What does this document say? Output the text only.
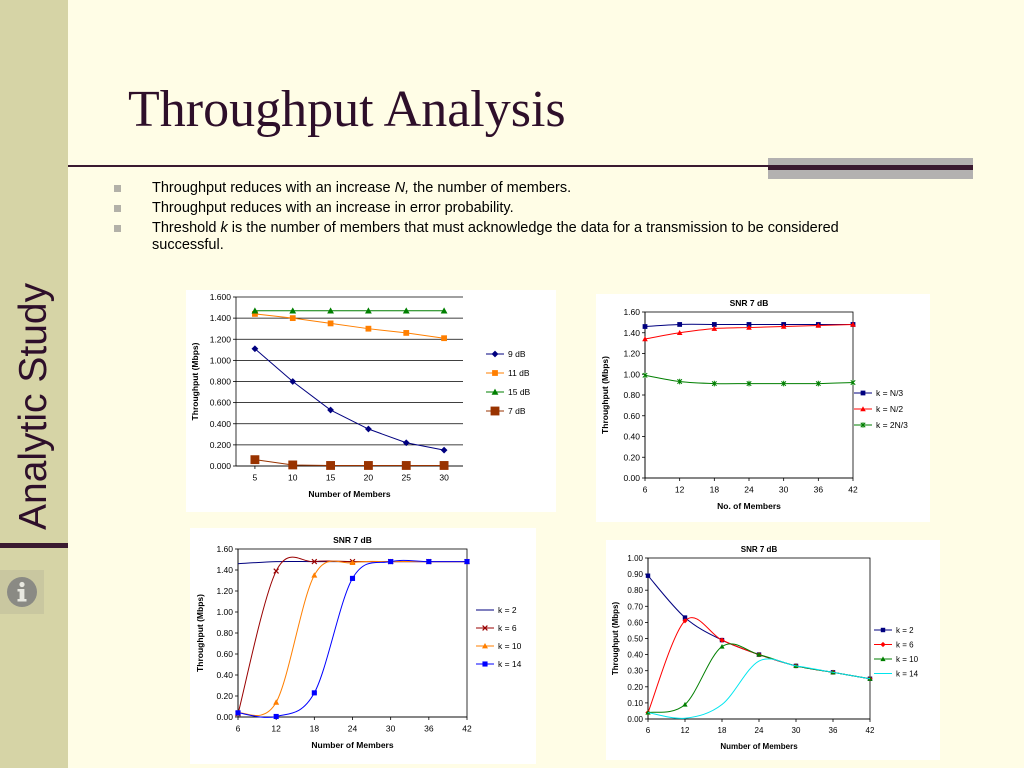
Analytic Study
Throughput Analysis
Throughput reduces with an increase N, the number of members.
Throughput reduces with an increase in error probability.
Threshold k is the number of members that must acknowledge the data for a transmission to be considered successful.
0.000
0.200
0.400
0.600
0.800
1.000
1.200
1.400
1.600
5	10	15	20	25	30
Number of Members
Throughput (Mbps)	9 dB
11 dB
15 dB
7 dB
0.00
0.20
0.40
0.60
0.80
1.00
1.20
1.40
1.60
6	12	18	24	30	36	42
SNR 7 dB
No. of Members
Throughput (Mbps)	k = N/3
k = N/2
k = 2N/3
0.00
0.20
0.40
0.60
0.80
1.00
1.20
1.40
1.60
6	12	18	24	30	36	42
SNR 7 dB
Number of Members
Throughput (Mbps)	k = 2
k = 6
k = 10
k = 14
0.00
0.10
0.20
0.30
0.40
0.50
0.60
0.70
0.80
0.90
1.00
6	12	18	24	30	36	42
SNR 7 dB
Number of Members
Throughput (Mbps)	k = 2
k = 6
k = 10
k = 14
